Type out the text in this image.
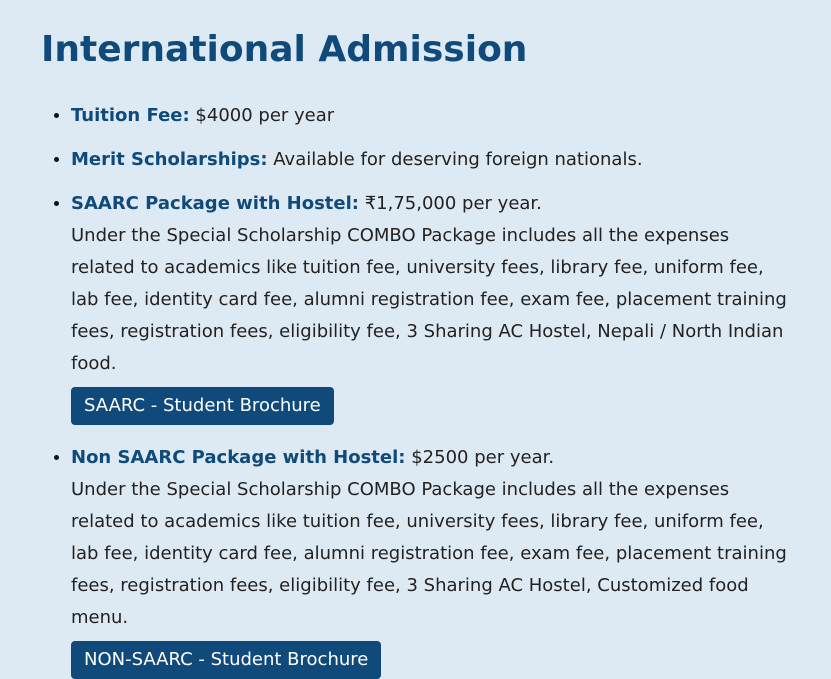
International Admission
• Tuition Fee: $4000 per year
• Merit Scholarships: Available for deserving foreign nationals.
• SAARC Package with Hostel: ₹1,75,000 per year.
Under the Special Scholarship COMBO Package includes all the expenses related to academics like tuition fee, university fees, library fee, uniform fee, lab fee, identity card fee, alumni registration fee, exam fee, placement training fees, registration fees, eligibility fee, 3 Sharing AC Hostel, Nepali / North Indian food.
SAARC - Student Brochure
• Non SAARC Package with Hostel: $2500 per year.
Under the Special Scholarship COMBO Package includes all the expenses related to academics like tuition fee, university fees, library fee, uniform fee, lab fee, identity card fee, alumni registration fee, exam fee, placement training fees, registration fees, eligibility fee, 3 Sharing AC Hostel, Customized food menu.
NON-SAARC - Student Brochure
